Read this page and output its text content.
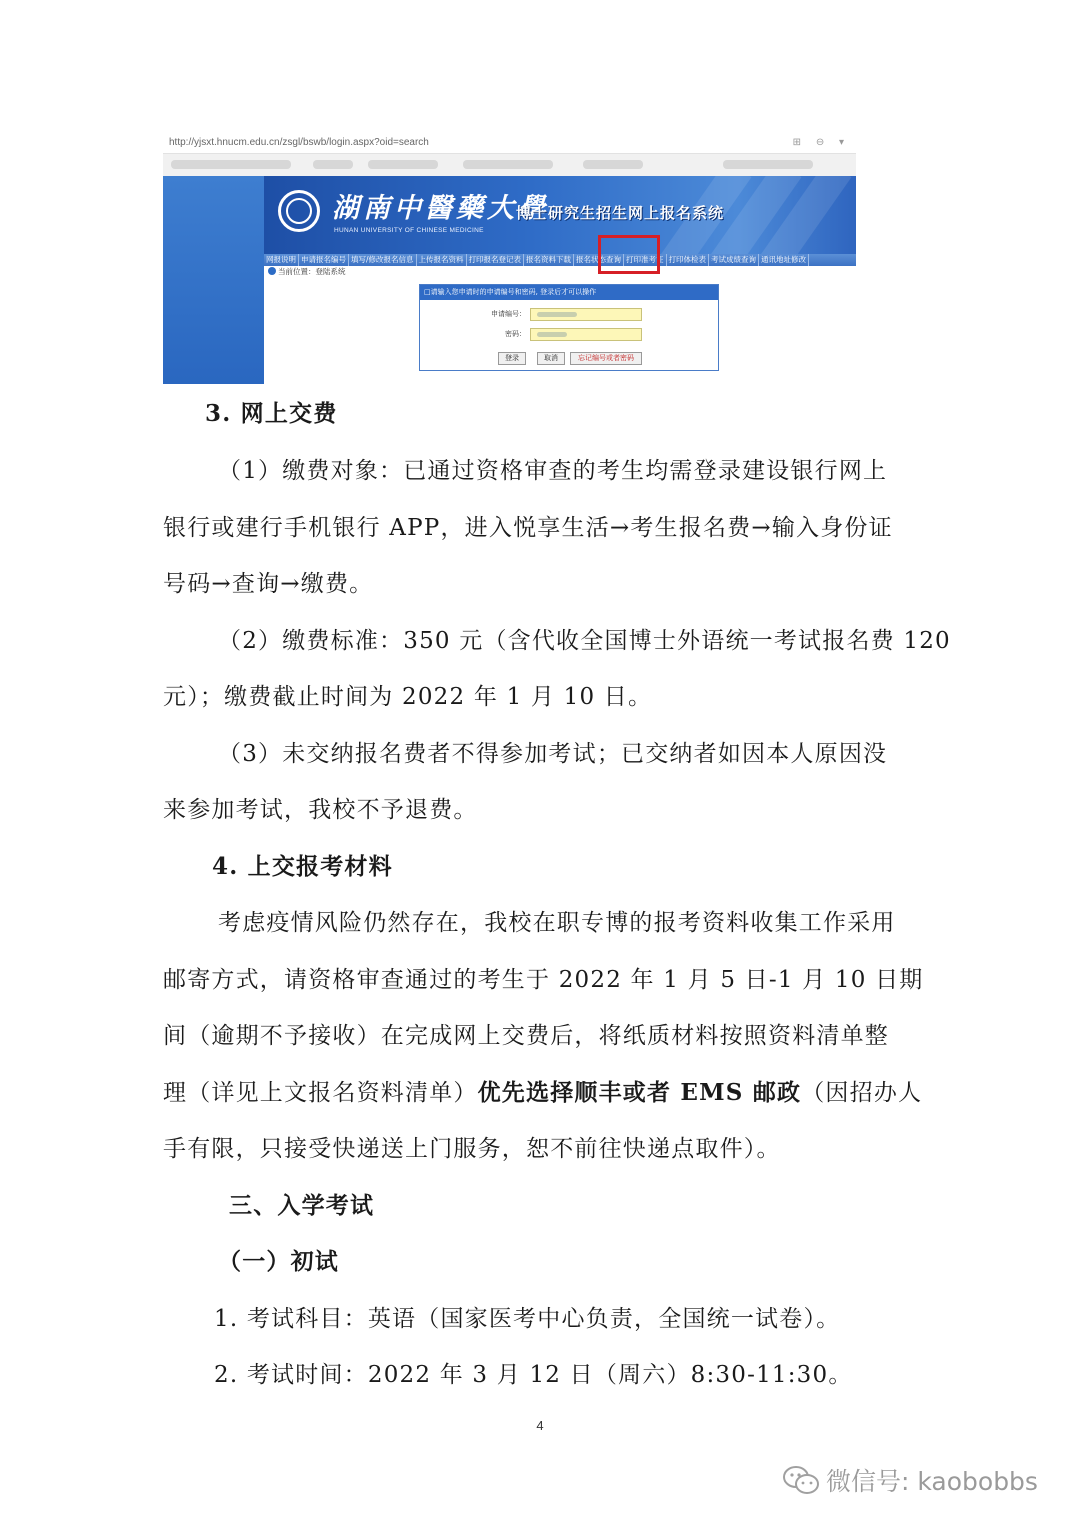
http://yjsxt.hnucm.edu.cn/zsgl/bswb/login.aspx?oid=search	⊞ ⊖ ▾
湖南中醫藥大學
HUNAN UNIVERSITY OF CHINESE MEDICINE
博士研究生招生网上报名系统
网报说明 申请报名编号 填写/修改报名信息 上传报名资料 打印报名登记表 报名资料下载 报名状态查询 打印准考证 打印体检表 考试成绩查询 通讯地址修改
当前位置：登陆系统
□请输入您申请时的申请编号和密码, 登录后才可以操作
申请编号：
密码：
登录	取消	忘记编号或者密码
3. 网上交费
（1）缴费对象：已通过资格审查的考生均需登录建设银行网上
银行或建行手机银行 APP，进入悦享生活→考生报名费→输入身份证
号码→查询→缴费。
（2）缴费标准：350 元（含代收全国博士外语统一考试报名费 120
元）；缴费截止时间为 2022 年 1 月 10 日。
（3）未交纳报名费者不得参加考试；已交纳者如因本人原因没
来参加考试，我校不予退费。
4. 上交报考材料
考虑疫情风险仍然存在，我校在职专博的报考资料收集工作采用
邮寄方式，请资格审查通过的考生于 2022 年 1 月 5 日-1 月 10 日期
间（逾期不予接收）在完成网上交费后，将纸质材料按照资料清单整
理（详见上文报名资料清单）优先选择顺丰或者 EMS 邮政（因招办人
手有限，只接受快递送上门服务，恕不前往快递点取件）。
三、入学考试
（一）初试
1. 考试科目：英语（国家医考中心负责，全国统一试卷）。
2. 考试时间：2022 年 3 月 12 日（周六）8:30-11:30。
4
微信号: kaobobbs
